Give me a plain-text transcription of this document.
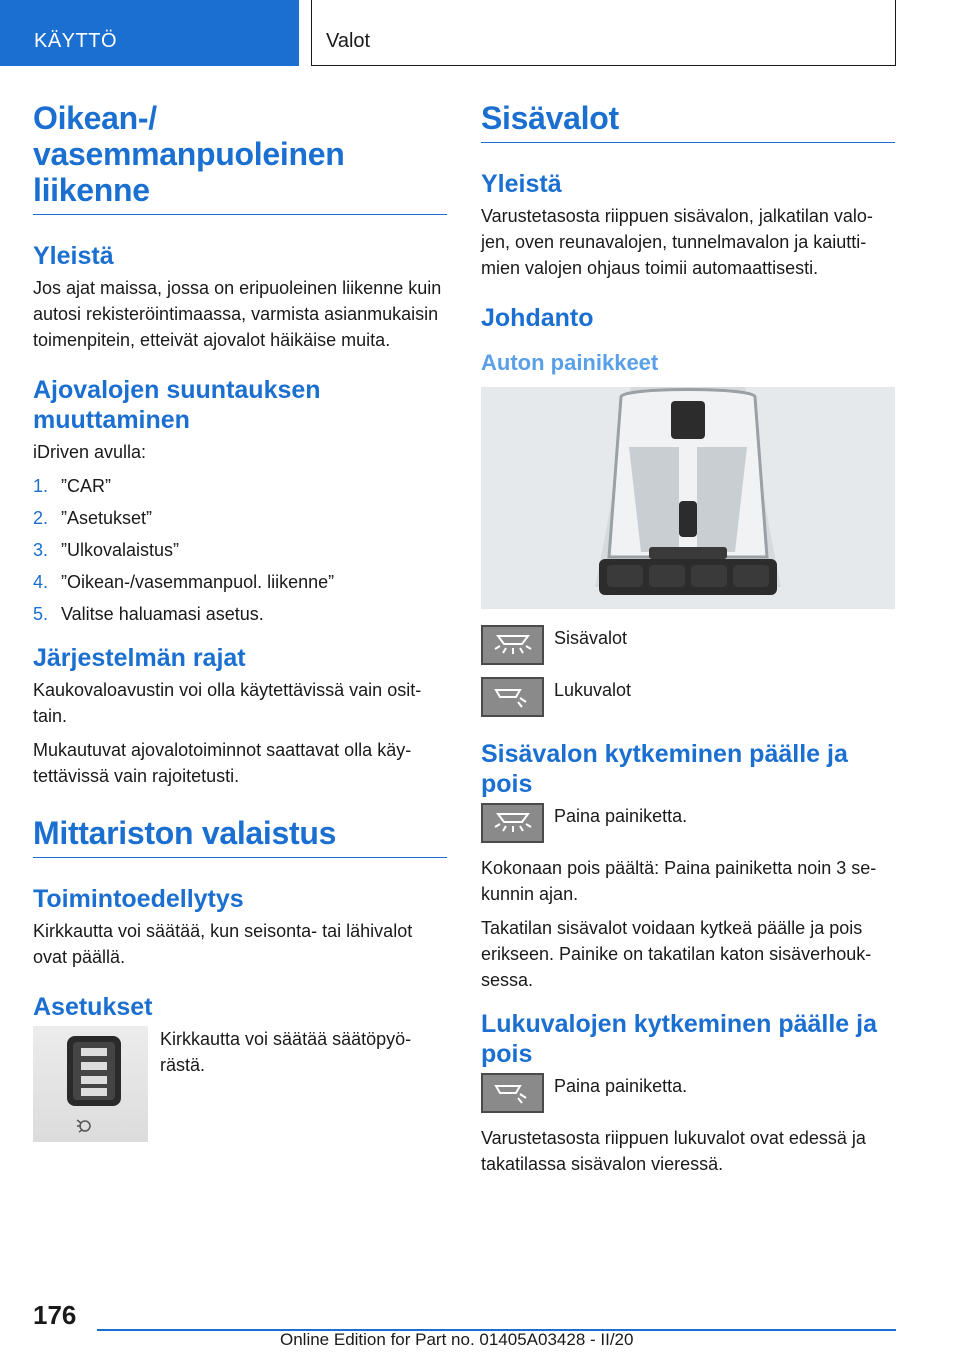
KÄYTTÖ	Valot
Oikean-/ vasemmanpuoleinen liikenne
Yleistä

Jos ajat maissa, jossa on eripuoleinen liikenne kuin autosi rekisteröintimaassa, varmista asianmukaisin toimenpitein, etteivät ajovalot häikäise muita.

Ajovalojen suuntauksen muuttaminen

iDriven avulla:

1. ”CAR”
2. ”Asetukset”
3. ”Ulkovalaistus”
4. ”Oikean-/vasemmanpuol. liikenne”
5. Valitse haluamasi asetus.
Järjestelmän rajat

Kaukovaloavustin voi olla käytettävissä vain osittain.

Mukautuvat ajovalotoiminnot saattavat olla käytettävissä vain rajoitetusti.

Mittariston valaistus
Toimintoedellytys

Kirkkautta voi säätää, kun seisonta- tai lähivalot ovat päällä.

Asetukset

Kirkkautta voi säätää säätöpyörästä.

Sisävalot
Yleistä

Varustetasosta riippuen sisävalon, jalkatilan valojen, oven reunavalojen, tunnelmavalon ja kaiuttimien valojen ohjaus toimii automaattisesti.

Johdanto
Auton painikkeet

Sisävalot

Lukuvalot

Sisävalon kytkeminen päälle ja pois

Paina painiketta.

Kokonaan pois päältä: Paina painiketta noin 3 sekunnin ajan.

Takatilan sisävalot voidaan kytkeä päälle ja pois erikseen. Painike on takatilan katon sisäverhouksessa.

Lukuvalojen kytkeminen päälle ja pois

Paina painiketta.

Varustetasosta riippuen lukuvalot ovat edessä ja takatilassa sisävalon vieressä.

176
Online Edition for Part no. 01405A03428 - II/20
